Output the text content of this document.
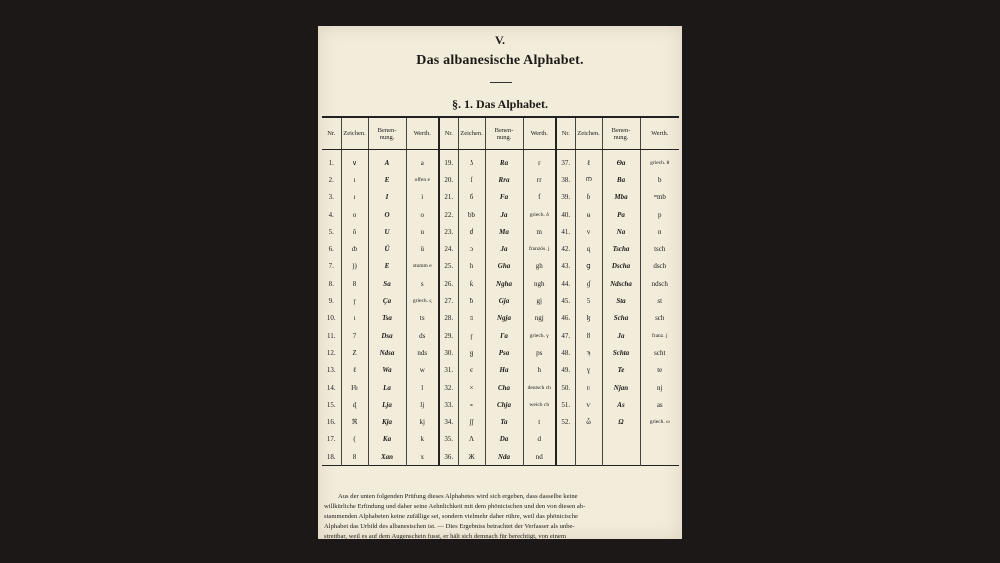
V.
Das albanesische Alphabet.
§. 1. Das Alphabet.
Nr.	Zeichen.	Benen-
nung.	Werth.	Nr.	Zeichen.	Benen-
nung.	Werth.	Nr.	Zeichen.	Benen-
nung.	Werth.
1.	∨	A	a	19.	ʖ	Ra	r	37.	ℓ	Θa	griech. θ
2.	ı	E	offen e	20.	ſ	Rra	rr	38.	ന	Ba	b
3.	ı	I	i	21.	б	Fa	f	39.	ɓ	Mba	ᵐmb
4.	o	O	o	22.	ƅƅ	Ja	griech. δ	40.	ʉ	Pa	p
5.	ŏ	U	u	23.	ძ	Ma	m	41.	v	Na	n
6.	ȸ	Ü	ü	24.	ɔ	Ja	französ. j	42.	ɋ	Tscha	tsch
7.	))	E	stumm e	25.	h	Gha	gh	43.	ց	Dscha	dsch
8.	8	Sa	s	26.	ƙ	Ngha	ngh	44.	ɠ	Ndscha	ndsch
9.	ɼ	Ça	griech. ς	27.	ƀ	Gja	gj	45.	5	Sta	st
10.	ɩ	Tsa	ts	28.	ƽ	Ngja	ngj	46.	ɮ	Scha	sch
11.	7	Dsa	ds	29.	ɼ	Γa	griech. γ	47.	ȣ	Ja	franz. j
12.	Z	Ndsa	nds	30.	ყ	Psa	ps	48.	ϡ	Schta	scht
13.	ℓ	Wa	w	31.	є	Ha	h	49.	ɣ	Te	te
14.	Ƕ	La	l	32.	×	Cha	deutsch ch	50.	ʋ	Njan	nj
15.	ɖ	Lja	lj	33.	∘	Chja	weich ch	51.	ѵ	As	as
16.	ℜ	Kja	kj	34.	ʃʃ	Ta	t	52.	ὧ	Ω	griech. ω
17.	(	Ka	k	35.	Λ	Da	d				
18.	8	Xan	x	36.	Ж	Nda	nd				
Aus der unten folgenden Prüfung dieses Alphabetes wird sich ergeben, dass dasselbe keine
willkürliche Erfindung und daher seine Aehnlichkeit mit dem phönicischen und den von diesen ab-
stammenden Alphabeten keine zufällige sei, sondern vielmehr daher rühre, weil das phönicische
Alphabet das Urbild des albanesischen ist. — Dies Ergebniss betrachtet der Verfasser als unbe-
streitbar, weil es auf dem Augenschein fusst, er hält sich demnach für berechtigt, von einem
